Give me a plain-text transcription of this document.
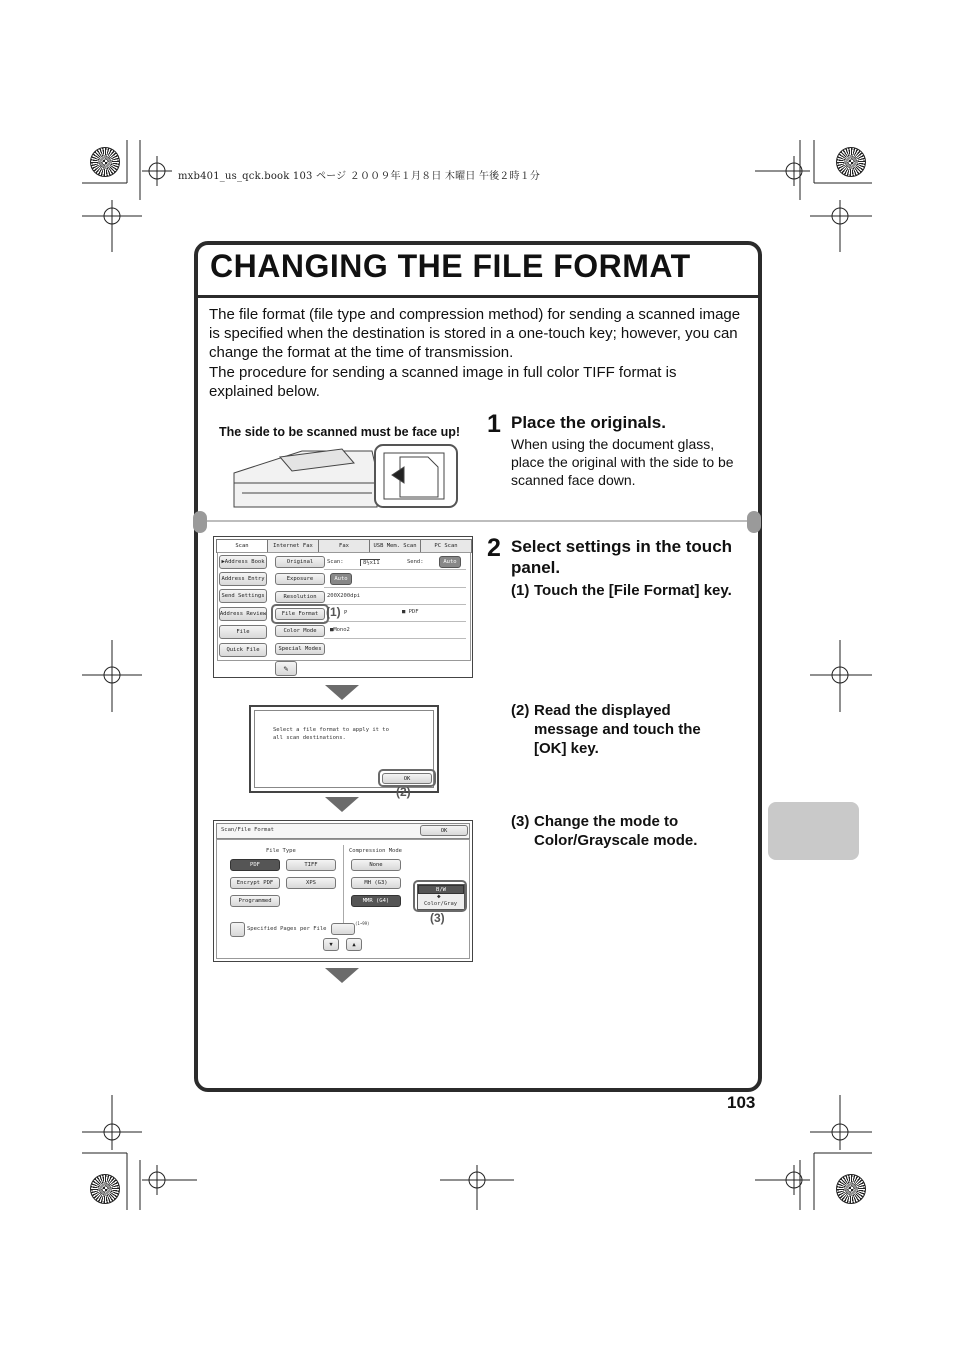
mxb401_us_qck.book 103 ページ ２００９年１月８日 木曜日 午後２時１分
CHANGING THE FILE FORMAT

The file format (file type and compression method) for sending a scanned image is specified when the destination is stored in a one-touch key; however, you can change the format at the time of transmission.

The procedure for sending a scanned image in full color TIFF format is explained below.

The side to be scanned must be face up! 1 Place the originals.
When using the document glass, place the original with the side to be scanned face down.
2 Select settings in the touch panel.
(1) Touch the [File Format] key.
(2) Read the displayed message and touch the [OK] key.
(3) Change the mode to Color/Grayscale mode.
Scan	Internet Fax	Fax	USB Mem. Scan	PC Scan
▶ Address Book
Address Entry
Send Settings
Address Review
File
Quick File
Original
Exposure
Resolution
File Format
Color Mode
Special Modes
Scan:	8½x11	Send:	Auto
Auto
200X200dpi
P	■ PDF
■Mono2
✎
(1)
Select a file format to apply it to all scan destinations.
OK
(2)
Scan/File Format	OK
File Type	Compression Mode
PDF	TIFF
Encrypt PDF	XPS
Programmed
None
MH (G3)
MMR (G4)
B/W
◆
Color/Gray
(3)
Specified Pages per File
(1~99)
▼	▲
103
